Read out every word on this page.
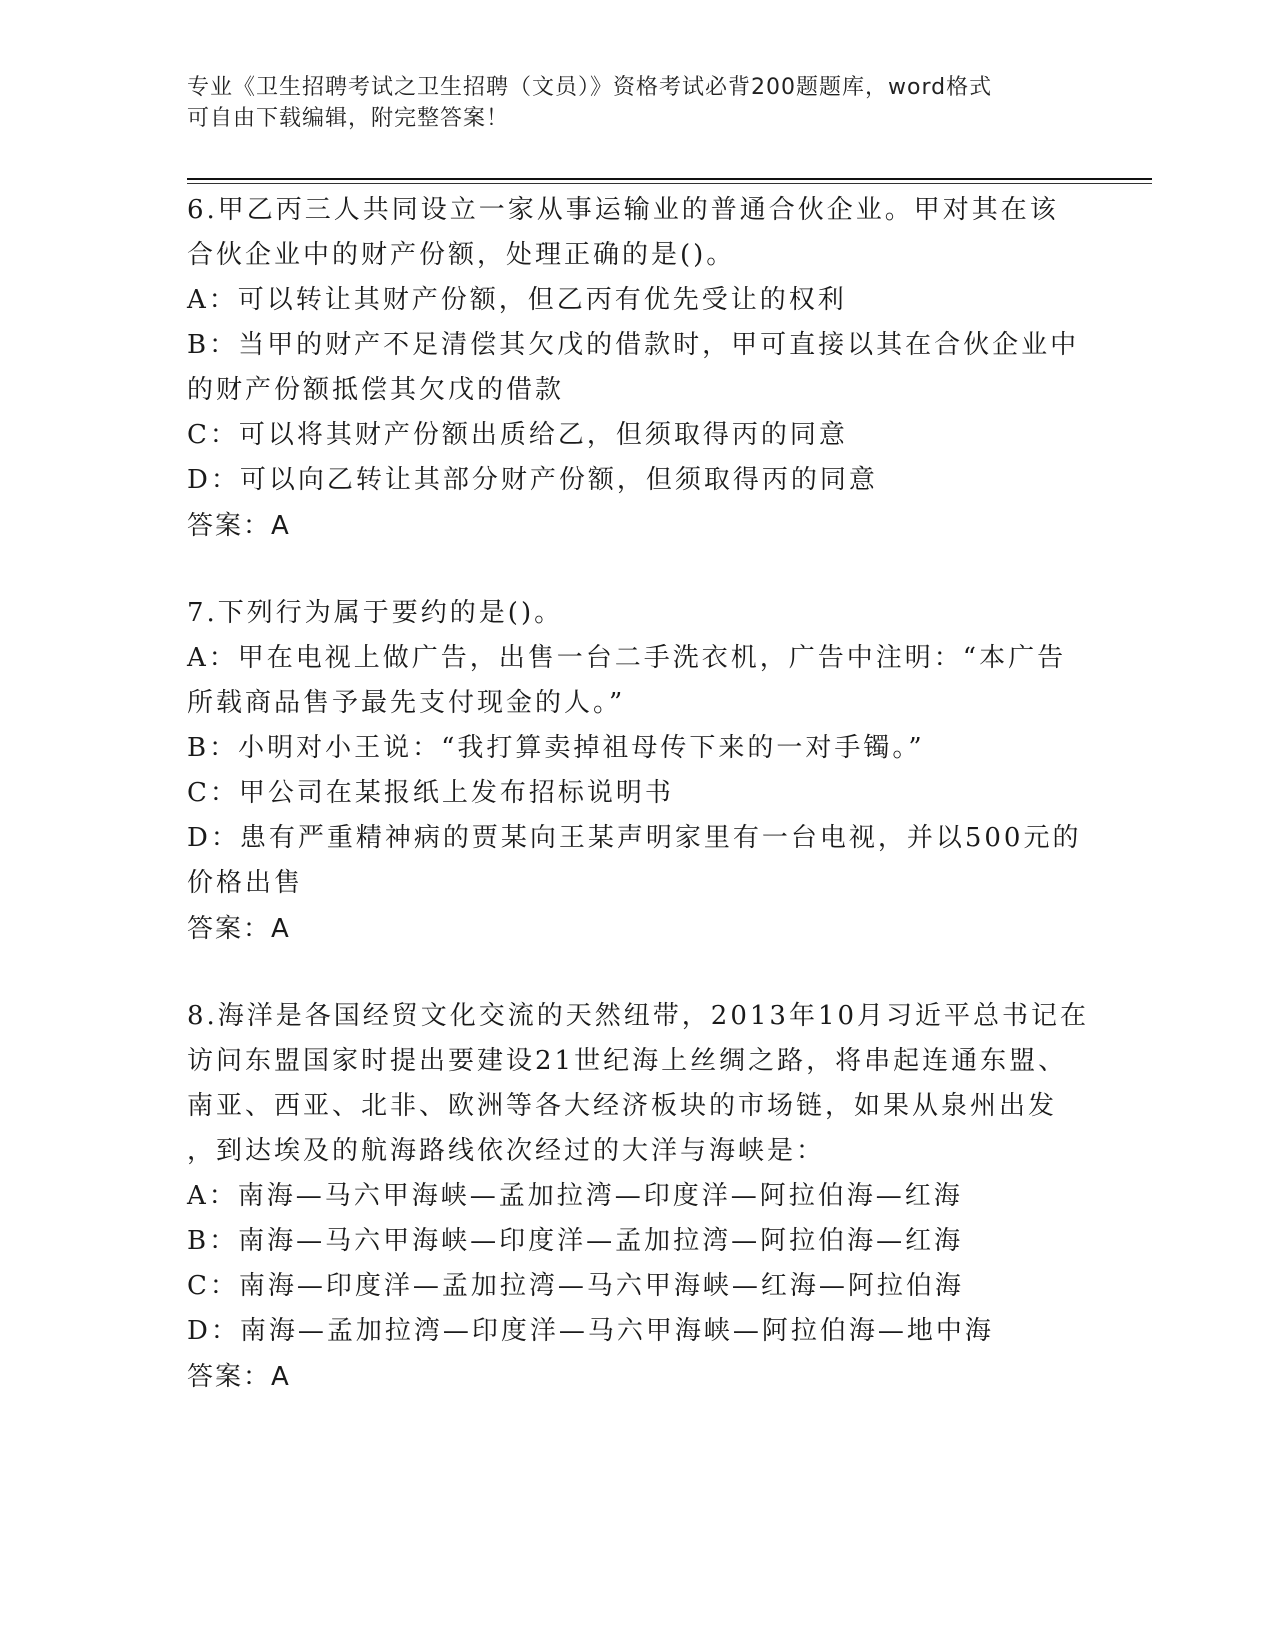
专业《卫生招聘考试之卫生招聘（文员）》资格考试必背200题题库，word格式
可自由下载编辑，附完整答案！
6.甲乙丙三人共同设立一家从事运输业的普通合伙企业。甲对其在该
合伙企业中的财产份额，处理正确的是()。
A：可以转让其财产份额，但乙丙有优先受让的权利
B：当甲的财产不足清偿其欠戊的借款时，甲可直接以其在合伙企业中
的财产份额抵偿其欠戊的借款
C：可以将其财产份额出质给乙，但须取得丙的同意
D：可以向乙转让其部分财产份额，但须取得丙的同意
答案：A
7.下列行为属于要约的是()。
A：甲在电视上做广告，出售一台二手洗衣机，广告中注明：“本广告
所载商品售予最先支付现金的人。”
B：小明对小王说：“我打算卖掉祖母传下来的一对手镯。”
C：甲公司在某报纸上发布招标说明书
D：患有严重精神病的贾某向王某声明家里有一台电视，并以500元的
价格出售
答案：A
8.海洋是各国经贸文化交流的天然纽带，2013年10月习近平总书记在
访问东盟国家时提出要建设21世纪海上丝绸之路，将串起连通东盟、
南亚、西亚、北非、欧洲等各大经济板块的市场链，如果从泉州出发
，到达埃及的航海路线依次经过的大洋与海峡是：
A：南海—马六甲海峡—孟加拉湾—印度洋—阿拉伯海—红海
B：南海—马六甲海峡—印度洋—孟加拉湾—阿拉伯海—红海
C：南海—印度洋—孟加拉湾—马六甲海峡—红海—阿拉伯海
D：南海—孟加拉湾—印度洋—马六甲海峡—阿拉伯海—地中海
答案：A
